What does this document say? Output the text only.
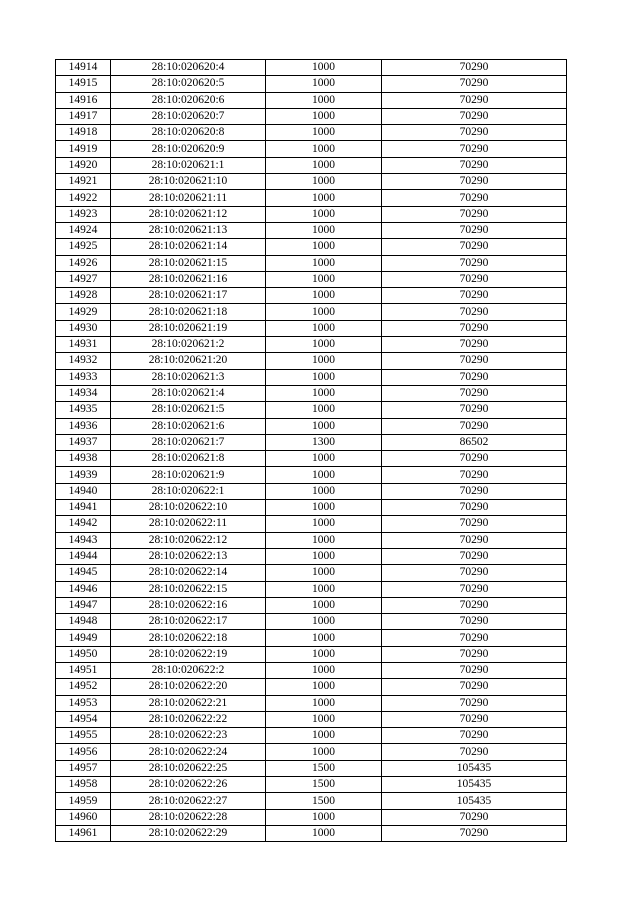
14914	28:10:020620:4	1000	70290
14915	28:10:020620:5	1000	70290
14916	28:10:020620:6	1000	70290
14917	28:10:020620:7	1000	70290
14918	28:10:020620:8	1000	70290
14919	28:10:020620:9	1000	70290
14920	28:10:020621:1	1000	70290
14921	28:10:020621:10	1000	70290
14922	28:10:020621:11	1000	70290
14923	28:10:020621:12	1000	70290
14924	28:10:020621:13	1000	70290
14925	28:10:020621:14	1000	70290
14926	28:10:020621:15	1000	70290
14927	28:10:020621:16	1000	70290
14928	28:10:020621:17	1000	70290
14929	28:10:020621:18	1000	70290
14930	28:10:020621:19	1000	70290
14931	28:10:020621:2	1000	70290
14932	28:10:020621:20	1000	70290
14933	28:10:020621:3	1000	70290
14934	28:10:020621:4	1000	70290
14935	28:10:020621:5	1000	70290
14936	28:10:020621:6	1000	70290
14937	28:10:020621:7	1300	86502
14938	28:10:020621:8	1000	70290
14939	28:10:020621:9	1000	70290
14940	28:10:020622:1	1000	70290
14941	28:10:020622:10	1000	70290
14942	28:10:020622:11	1000	70290
14943	28:10:020622:12	1000	70290
14944	28:10:020622:13	1000	70290
14945	28:10:020622:14	1000	70290
14946	28:10:020622:15	1000	70290
14947	28:10:020622:16	1000	70290
14948	28:10:020622:17	1000	70290
14949	28:10:020622:18	1000	70290
14950	28:10:020622:19	1000	70290
14951	28:10:020622:2	1000	70290
14952	28:10:020622:20	1000	70290
14953	28:10:020622:21	1000	70290
14954	28:10:020622:22	1000	70290
14955	28:10:020622:23	1000	70290
14956	28:10:020622:24	1000	70290
14957	28:10:020622:25	1500	105435
14958	28:10:020622:26	1500	105435
14959	28:10:020622:27	1500	105435
14960	28:10:020622:28	1000	70290
14961	28:10:020622:29	1000	70290
